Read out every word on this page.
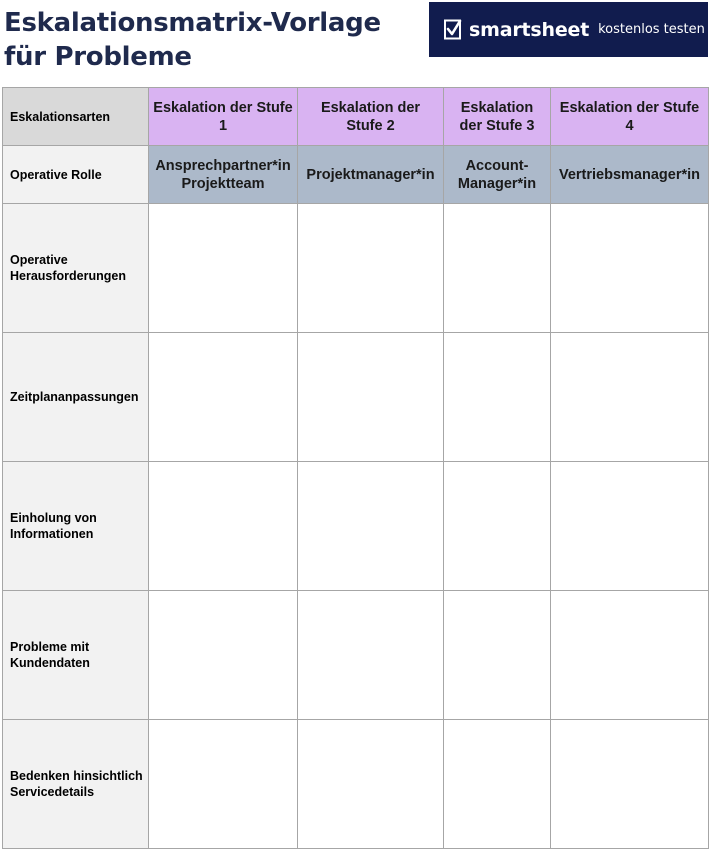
Eskalationsmatrix-Vorlage für Probleme
smartsheet kostenlos testen
Eskalationsarten	Eskalation der Stufe 1	Eskalation der Stufe 2	Eskalation der Stufe 3	Eskalation der Stufe 4
Operative Rolle	Ansprechpartner*in Projektteam	Projektmanager*in	Account-Manager*in	Vertriebsmanager*in
Operative Herausforderungen				
Zeitplananpassungen				
Einholung von Informationen				
Probleme mit Kundendaten				
Bedenken hinsichtlich Servicedetails				
